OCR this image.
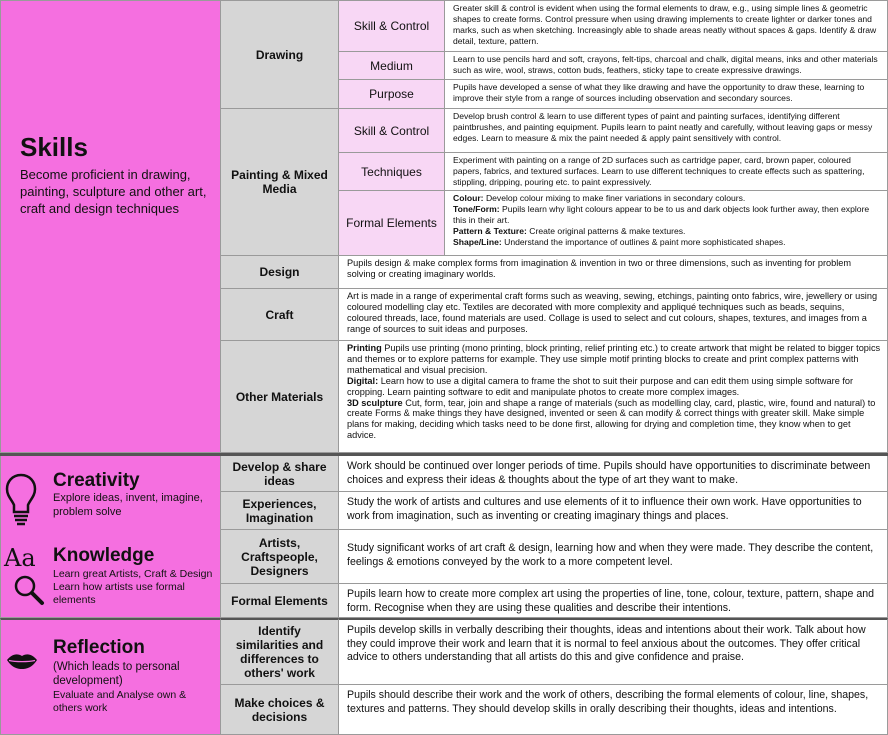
Skills
Become proficient in drawing, painting, sculpture and other art, craft and design techniques
Drawing
Painting & Mixed Media
Design
Craft
Other Materials
Skill & Control
Medium
Purpose
Skill & Control
Techniques
Formal Elements
Greater skill & control is evident when using the formal elements to draw, e.g., using simple lines & geometric shapes to create forms. Control pressure when using drawing implements to create lighter or darker tones and marks, such as when sketching. Increasingly able to shade areas neatly without spaces & gaps. Identify & draw detail, texture, pattern.
Learn to use pencils hard and soft, crayons, felt-tips, charcoal and chalk, digital means, inks and other materials such as wire, wool, straws, cotton buds, feathers, sticky tape to create expressive drawings.
Pupils have developed a sense of what they like drawing and have the opportunity to draw these, learning to improve their style from a range of sources including observation and secondary sources.
Develop brush control & learn to use different types of paint and painting surfaces, identifying different paintbrushes, and painting equipment. Pupils learn to paint neatly and carefully, without leaving gaps or messy edges. Learn to measure & mix the paint needed & apply paint sensitively with control.
Experiment with painting on a range of 2D surfaces such as cartridge paper, card, brown paper, coloured papers, fabrics, and textured surfaces. Learn to use different techniques to create effects such as spattering, stippling, dripping, pouring etc. to paint expressively.
Colour: Develop colour mixing to make finer variations in secondary colours.
Tone/Form: Pupils learn why light colours appear to be to us and dark objects look further away, then explore this in their art.
Pattern & Texture: Create original patterns & make textures.
Shape/Line: Understand the importance of outlines & paint more sophisticated shapes.
Pupils design & make complex forms from imagination & invention in two or three dimensions, such as inventing for problem solving or creating imaginary worlds.
Art is made in a range of experimental craft forms such as weaving, sewing, etchings, painting onto fabrics, wire, jewellery or using coloured modelling clay etc. Textiles are decorated with more complexity and appliqué techniques such as beads, sequins, coloured threads, lace, found materials are used. Collage is used to select and cut colours, shapes, textures, and images from a range of sources to suit ideas and purposes.
Printing Pupils use printing (mono printing, block printing, relief printing etc.) to create artwork that might be related to bigger topics and themes or to explore patterns for example. They use simple motif printing blocks to create and print complex patterns with mathematical and visual precision.
Digital: Learn how to use a digital camera to frame the shot to suit their purpose and can edit them using simple software for cropping. Learn painting software to edit and manipulate photos to create more complex images.
3D sculpture Cut, form, tear, join and shape a range of materials (such as modelling clay, card, plastic, wire, found and natural) to create Forms & make things they have designed, invented or seen & can modify & correct things with greater skill. Make simple plans for making, deciding which tasks need to be done first, allowing for drying and completion time, they know when to get advice.
Creativity
Explore ideas, invent, imagine, problem solve
Aa Knowledge
Learn great Artists, Craft & Design Learn how artists use formal elements
Reflection
(Which leads to personal development)
Evaluate and Analyse own & others work
Develop & share ideas
Experiences, Imagination
Artists, Craftspeople, Designers
Formal Elements
Identify similarities and differences to others' work
Make choices & decisions
Work should be continued over longer periods of time. Pupils should have opportunities to discriminate between choices and express their ideas & thoughts about the type of art they want to make.
Study the work of artists and cultures and use elements of it to influence their own work. Have opportunities to work from imagination, such as inventing or creating imaginary things and places.
Study significant works of art craft & design, learning how and when they were made. They describe the content, feelings & emotions conveyed by the work to a more competent level.
Pupils learn how to create more complex art using the properties of line, tone, colour, texture, pattern, shape and form. Recognise when they are using these qualities and describe their intentions.
Pupils develop skills in verbally describing their thoughts, ideas and intentions about their work. Talk about how they could improve their work and learn that it is normal to feel anxious about the outcomes. They offer critical advice to others understanding that all artists do this and give confidence and praise.
Pupils should describe their work and the work of others, describing the formal elements of colour, line, shapes, textures and patterns. They should develop skills in orally describing their thoughts, ideas and intentions.
